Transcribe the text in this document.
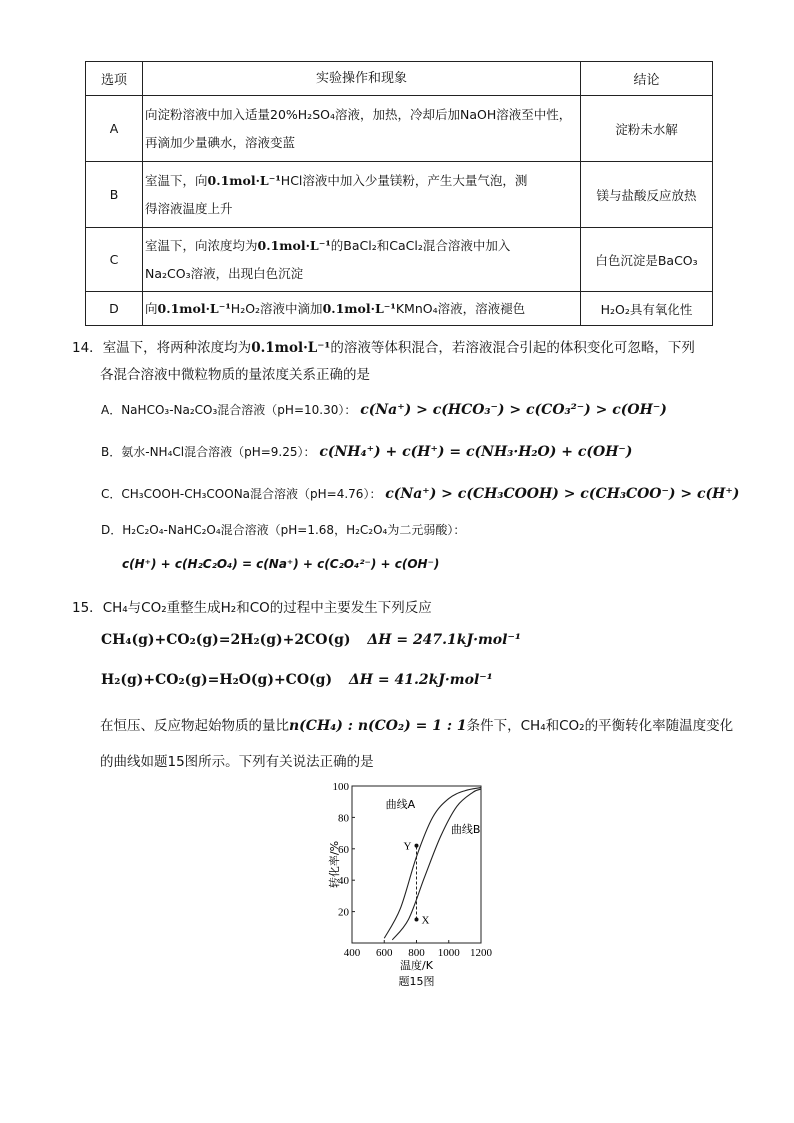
选项	实验操作和现象	结论
A	向淀粉溶液中加入适量20%H₂SO₄溶液，加热，冷却后加NaOH溶液至中性，
再滴加少量碘水，溶液变蓝	淀粉未水解
B	室温下，向0.1mol·L⁻¹HCl溶液中加入少量镁粉，产生大量气泡，测
得溶液温度上升	镁与盐酸反应放热
C	室温下，向浓度均为0.1mol·L⁻¹的BaCl₂和CaCl₂混合溶液中加入
Na₂CO₃溶液，出现白色沉淀	白色沉淀是BaCO₃
D	向0.1mol·L⁻¹H₂O₂溶液中滴加0.1mol·L⁻¹KMnO₄溶液，溶液褪色	H₂O₂具有氧化性
14．室温下，将两种浓度均为0.1mol·L⁻¹的溶液等体积混合，若溶液混合引起的体积变化可忽略，下列
各混合溶液中微粒物质的量浓度关系正确的是
A．NaHCO₃-Na₂CO₃混合溶液（pH=10.30）： c(Na⁺) > c(HCO₃⁻) > c(CO₃²⁻) > c(OH⁻)
B．氨水-NH₄Cl混合溶液（pH=9.25）： c(NH₄⁺) + c(H⁺) = c(NH₃·H₂O) + c(OH⁻)
C．CH₃COOH-CH₃COONa混合溶液（pH=4.76）： c(Na⁺) > c(CH₃COOH) > c(CH₃COO⁻) > c(H⁺)
D．H₂C₂O₄-NaHC₂O₄混合溶液（pH=1.68，H₂C₂O₄为二元弱酸）：
c(H⁺) + c(H₂C₂O₄) = c(Na⁺) + c(C₂O₄²⁻) + c(OH⁻)
15．CH₄与CO₂重整生成H₂和CO的过程中主要发生下列反应
CH₄(g)+CO₂(g)=2H₂(g)+2CO(g) ΔH = 247.1kJ·mol⁻¹
H₂(g)+CO₂(g)=H₂O(g)+CO(g) ΔH = 41.2kJ·mol⁻¹
在恒压、反应物起始物质的量比n(CH₄) : n(CO₂) = 1 : 1条件下，CH₄和CO₂的平衡转化率随温度变化
的曲线如题15图所示。下列有关说法正确的是
20
40
60
80
100
400 600 800 1000 1200
温度/K
转化率/%
题15图
曲线A
曲线B
Y
X
